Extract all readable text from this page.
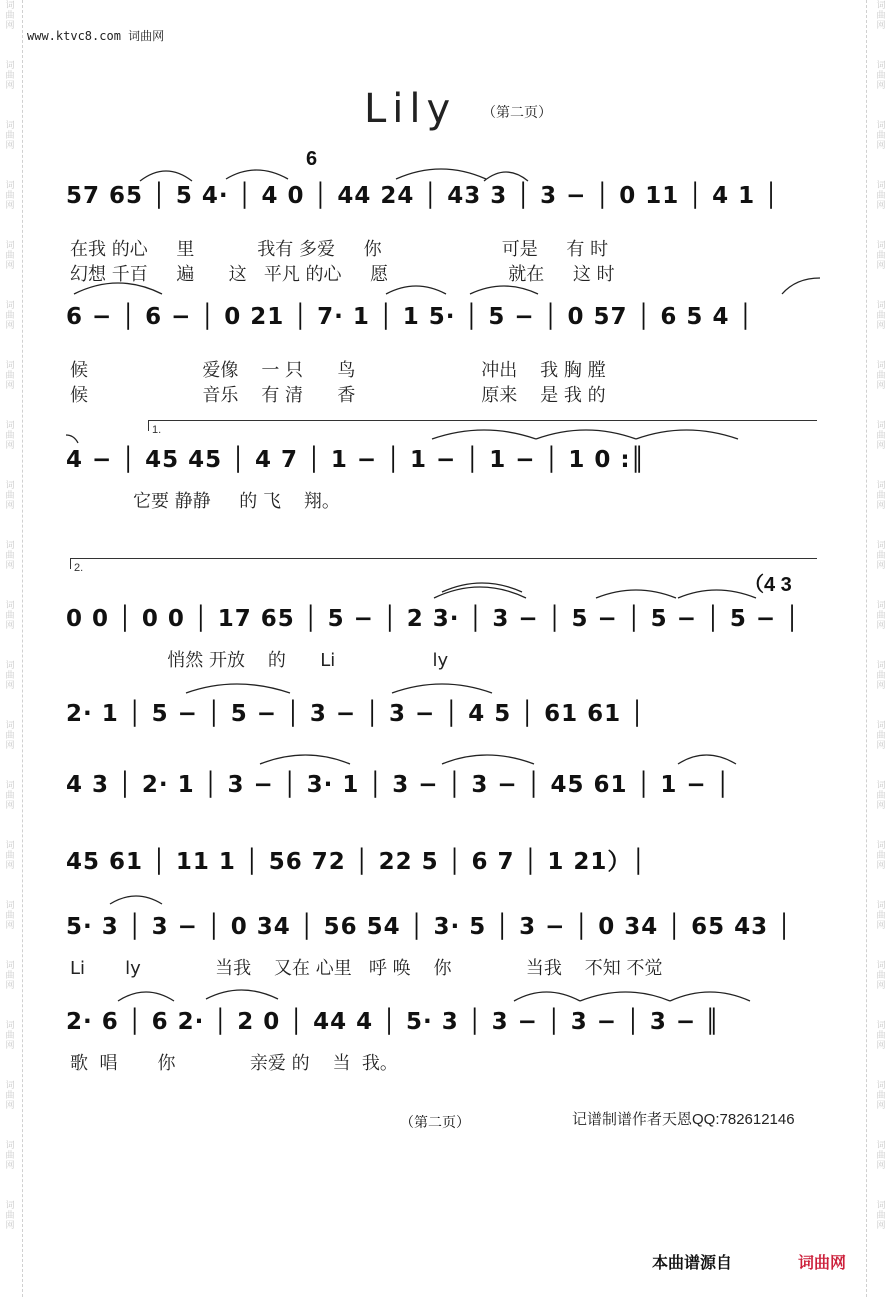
词曲网
词曲网
词曲网
词曲网
词曲网
词曲网
词曲网
词曲网
词曲网
词曲网
词曲网
词曲网
词曲网
词曲网
词曲网
词曲网
词曲网
词曲网
词曲网
词曲网
词曲网
词曲网
词曲网
词曲网
词曲网
词曲网
词曲网
词曲网
词曲网
词曲网
词曲网
词曲网
词曲网
词曲网
词曲网
词曲网
词曲网
词曲网
词曲网
词曲网
词曲网
词曲网
www.ktvc8.com 词曲网
Lily （第二页）
6
57 65 │ 5 4· │ 4 0 │ 44 24 │ 43 3 │ 3 − │ 0 11 │ 4 1 │
在我 的心     里           我有 多爱     你                     可是     有 时
幻想 千百     遍      这   平凡 的心     愿                     就在     这 时
6 − │ 6 − │ 0 21 │ 7· 1 │ 1 5· │ 5 − │ 0 57 │ 6 5 4 │
候                    爱像    一 只      鸟                      冲出    我 胸 膛
候                    音乐    有 清      香                      原来    是 我 的
1.
4 − │ 45 45 │ 4 7 │ 1 − │ 1 − │ 1 − │ 1 0 :║
它要 静静     的 飞    翔。
2.
（4 3
0 0 │ 0 0 │ 17 65 │ 5 − │ 2 3· │ 3 − │ 5 − │ 5 − │ 5 − │
悄然 开放    的      Li                 ly
2· 1 │ 5 − │ 5 − │ 3 − │ 3 − │ 4 5 │ 61 61 │
4 3 │ 2· 1 │ 3 − │ 3· 1 │ 3 − │ 3 − │ 45 61 │ 1 − │
45 61 │ 11 1 │ 56 72 │ 22 5 │ 6 7 │ 1 21）│
5· 3 │ 3 − │ 0 34 │ 56 54 │ 3· 5 │ 3 − │ 0 34 │ 65 43 │
Li       ly             当我    又在 心里   呼 唤    你             当我    不知 不觉
2· 6 │ 6 2· │ 2 0 │ 44 4 │ 5· 3 │ 3 − │ 3 − │ 3 − ║
歌  唱       你             亲爱 的    当  我。
（第二页）	记谱制谱作者天恩QQ:782612146
本曲谱源自	词曲网
